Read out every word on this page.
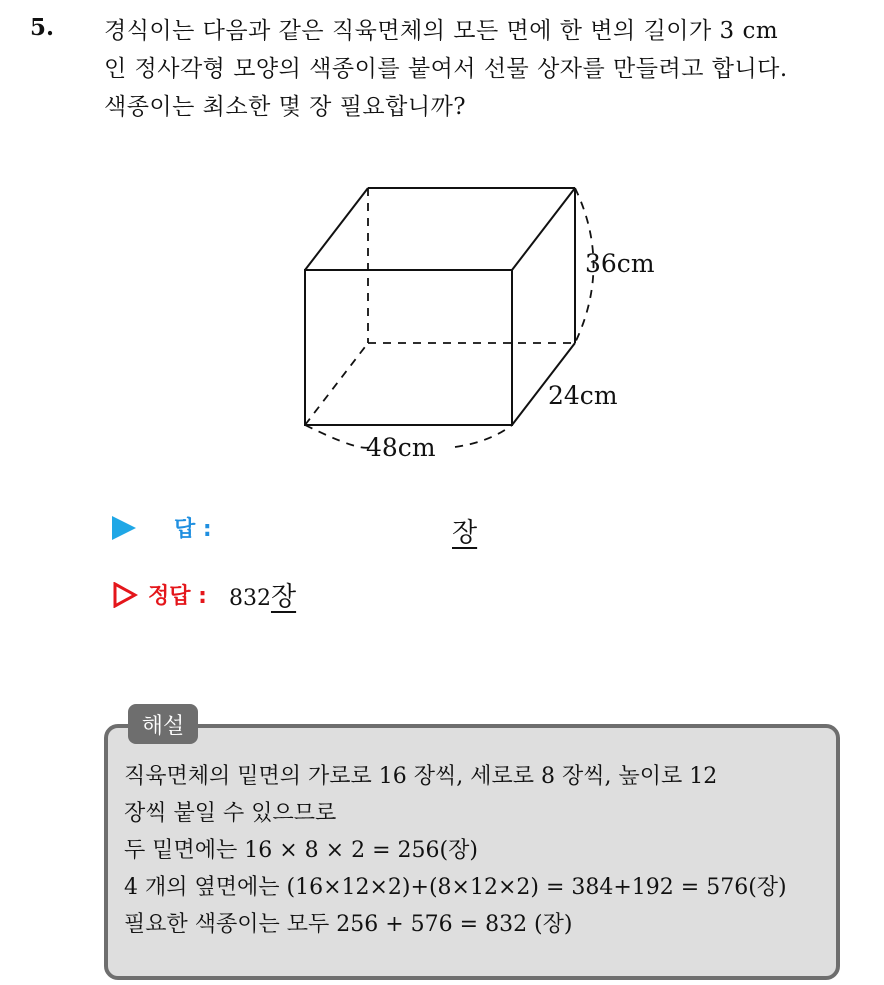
5. 경식이는 다음과 같은 직육면체의 모든 면에 한 변의 길이가 3 cm
인 정사각형 모양의 색종이를 붙여서 선물 상자를 만들려고 합니다.
색종이는 최소한 몇 장 필요합니까?
36cm
24cm
48cm
답 :	장
정답 : 832장
해설
직육면체의 밑면의 가로로 16 장씩, 세로로 8 장씩, 높이로 12
장씩 붙일 수 있으므로
두 밑면에는 16 × 8 × 2 = 256(장)
4 개의 옆면에는 (16×12×2)+(8×12×2) = 384+192 = 576(장)
필요한 색종이는 모두 256 + 576 = 832 (장)
